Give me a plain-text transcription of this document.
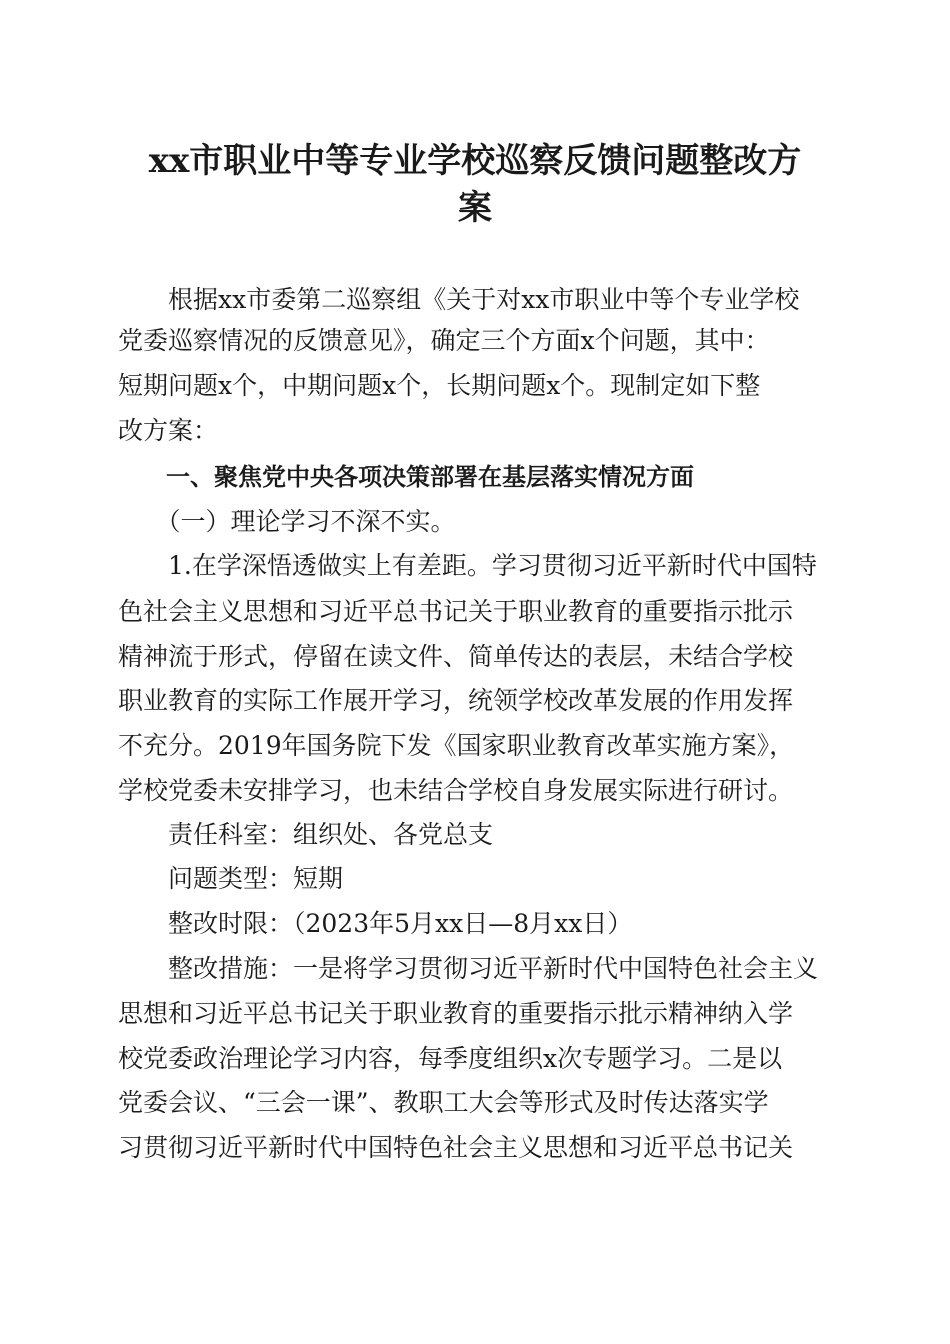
xx市职业中等专业学校巡察反馈问题整改方
案
　　根据xx市委第二巡察组《关于对xx市职业中等个专业学校
党委巡察情况的反馈意见》，确定三个方面x个问题，其中：
短期问题x个，中期问题x个，长期问题x个。现制定如下整
改方案：
　　一、聚焦党中央各项决策部署在基层落实情况方面
　　（一）理论学习不深不实。
　　1.在学深悟透做实上有差距。学习贯彻习近平新时代中国特
色社会主义思想和习近平总书记关于职业教育的重要指示批示
精神流于形式，停留在读文件、简单传达的表层，未结合学校
职业教育的实际工作展开学习，统领学校改革发展的作用发挥
不充分。2019年国务院下发《国家职业教育改革实施方案》，
学校党委未安排学习，也未结合学校自身发展实际进行研讨。
　　责任科室：组织处、各党总支
　　问题类型：短期
　　整改时限：（2023年5月xx日—8月xx日）
　　整改措施：一是将学习贯彻习近平新时代中国特色社会主义
思想和习近平总书记关于职业教育的重要指示批示精神纳入学
校党委政治理论学习内容，每季度组织x次专题学习。二是以
党委会议、“三会一课”、教职工大会等形式及时传达落实学
习贯彻习近平新时代中国特色社会主义思想和习近平总书记关
